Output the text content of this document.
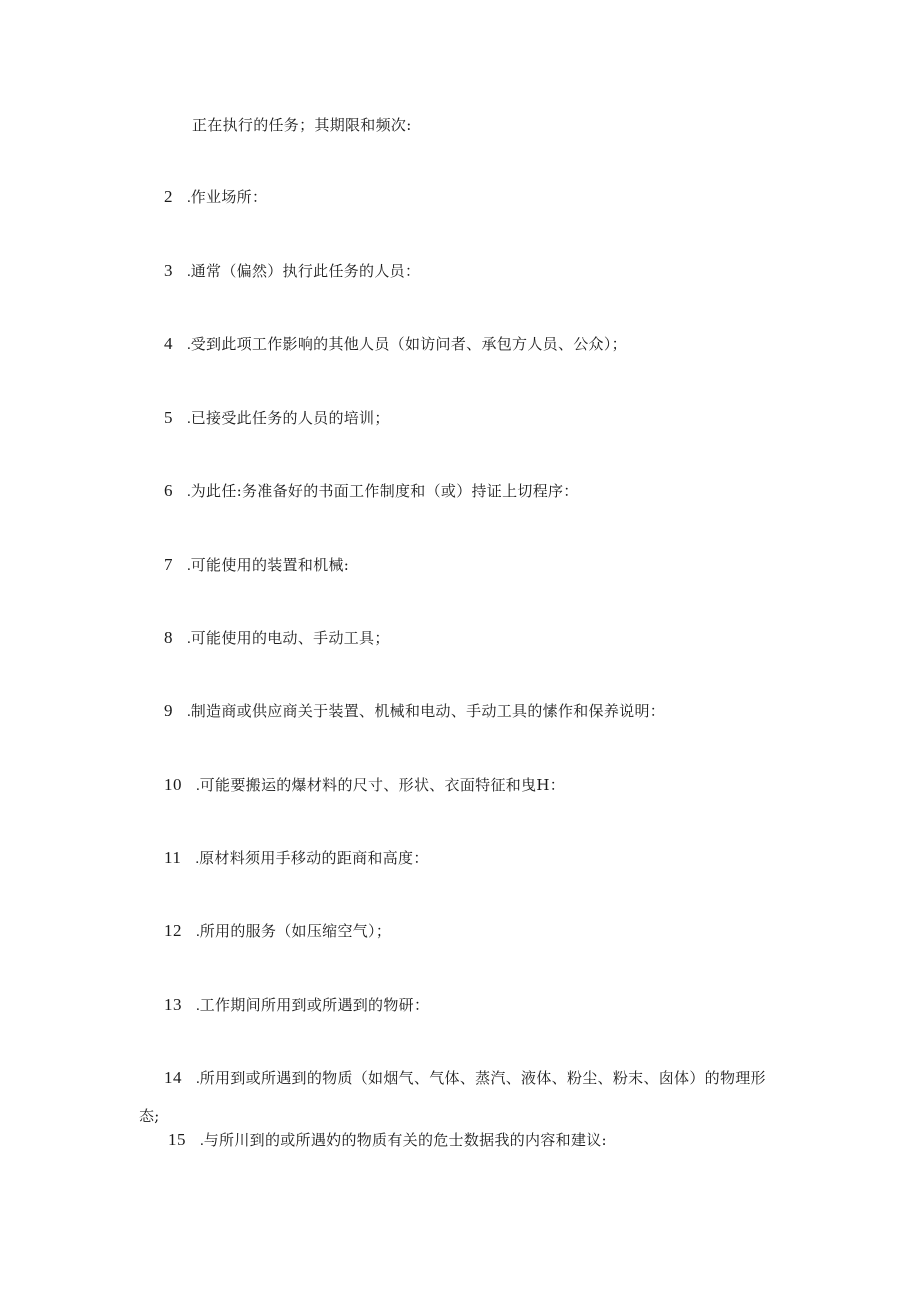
正在执行的任务；其期限和频次:
2 .作业场所：
3 .通常（偏然）执行此任务的人员：
4 .受到此项工作影响的其他人员（如访问者、承包方人员、公众）；
5 .已接受此任务的人员的培训；
6 .为此任:务准备好的书面工作制度和（或）持证上切程序：
7 .可能使用的装置和机械:
8 .可能使用的电动、手动工具；
9 .制造商或供应商关于装置、机械和电动、手动工具的愫作和保养说明：
10 .可能要搬运的爆材料的尺寸、形状、衣面特征和曳H：
11 .原材料须用手移动的距商和高度：
12 .所用的服务（如压缩空气）；
13 .工作期间所用到或所遇到的物研：
14 .所用到或所遇到的物质（如烟气、气体、蒸汽、液体、粉尘、粉末、囱体）的物理形
态;
15 .与所川到的或所遇妁的物质有关的危士数据我的内容和建议:
